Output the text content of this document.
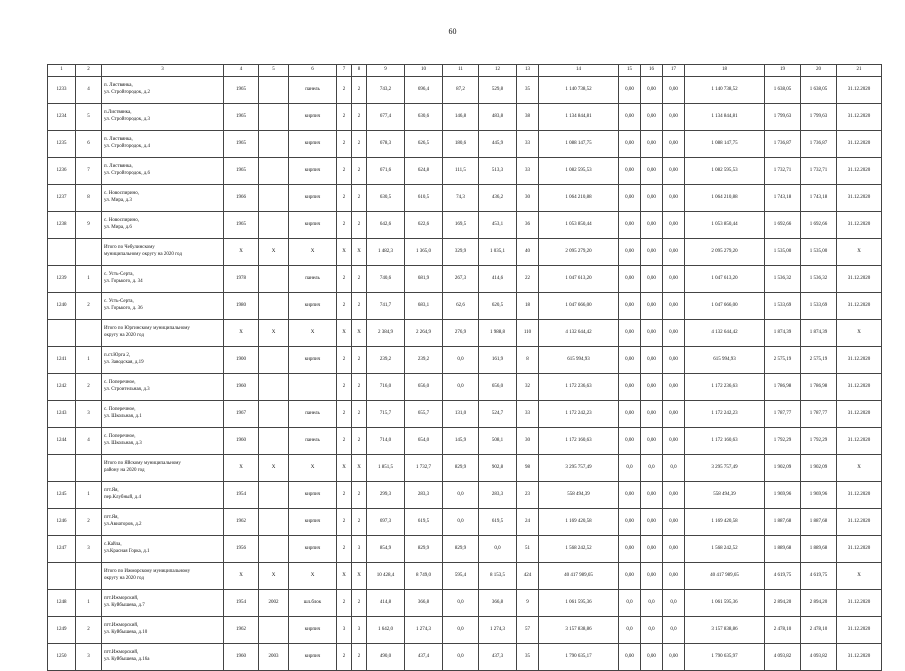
60
1	2	3	4	5	6	7	8	9	10	11	12	13	14	15	16	17	18	19	20	21
1233	4	п. Листвянка,
ул. Стройгородок, д.2	1965		панель	2	2	743,2	696,4	87,2	529,8	35	1 140 738,52	0,00	0,00	0,00	1 140 738,52	1 638,05	1 638,05	31.12.2020
1234	5	п.Листвянка,
ул. Стройгородок, д.3	1965		кирпич	2	2	677,4	630,6	146,8	483,8	38	1 134 844,81	0,00	0,00	0,00	1 134 844,81	1 799,63	1 799,63	31.12.2020
1235	6	п. Листвянка,
ул. Стройгородок, д.4	1965		кирпич	2	2	678,3	626,5	180,6	445,9	33	1 088 147,75	0,00	0,00	0,00	1 088 147,75	1 736,87	1 736,87	31.12.2020
1236	7	п. Листвянка,
ул. Стройгородок, д.6	1965		кирпич	2	2	671,6	624,8	111,5	513,3	33	1 082 595,53	0,00	0,00	0,00	1 082 595,53	1 732,71	1 732,71	31.12.2020
1237	8	с. Новоспирино,
ул. Мира, д.3	1966		кирпич	2	2	630,5	610,5	74,3	436,2	30	1 064 210,88	0,00	0,00	0,00	1 064 210,88	1 743,18	1 743,18	31.12.2020
1238	9	с. Новоспирино,
ул. Мира, д.6	1965		кирпич	2	2	642,6	622,6	169,5	453,1	36	1 053 850,44	0,00	0,00	0,00	1 053 850,44	1 692,66	1 692,66	31.12.2020

		Итого по Чебулинскому
муниципальному округу на 2020 год	X	X	X	X	X	1 482,3	1 365,0	329,9	1 035,1	40	2 095 279,20	0,00	0,00	0,00	2 095 279,20	1 535,00	1 535,00	X
1239	1	с. Усть-Серта,
ул. Горького, д. 34	1978		панель	2	2	740,6	681,9	267,3	414,6	22	1 047 613,20	0,00	0,00	0,00	1 047 613,20	1 536,32	1 536,32	31.12.2020
1240	2	с. Усть-Серта,
ул. Горького, д. 36	1980		кирпич	2	2	741,7	683,1	62,6	620,5	18	1 047 666,00	0,00	0,00	0,00	1 047 666,00	1 533,69	1 533,69	31.12.2020

		Итого по Юргинскому муниципальному
округу на 2020 год	X	X	X	X	X	2 384,9	2 264,9	276,9	1 988,8	110	4 132 644,42	0,00	0,00	0,00	4 132 644,42	1 874,39	1 874,39	X
1241	1	п.ст.Юрга 2,
ул. Заводская, д.19	1900		кирпич	2	2	239,2	239,2	0,0	161,9	8	615 994,93	0,00	0,00	0,00	615 994,93	2 575,19	2 575,19	31.12.2020
1242	2	с. Поперечное,
ул. Строительная, д.3	1960			2	2	716,0	656,0	0,0	656,0	32	1 172 236,63	0,00	0,00	0,00	1 172 236,63	1 786,98	1 786,98	31.12.2020
1243	3	с. Поперечное,
ул. Школьная, д.1	1967		панель	2	2	715,7	655,7	131,0	524,7	33	1 172 242,23	0,00	0,00	0,00	1 172 242,23	1 787,77	1 787,77	31.12.2020
1244	4	с. Поперечное,
ул. Школьная, д.3	1960		панель	2	2	714,0	654,0	145,9	508,1	30	1 172 160,63	0,00	0,00	0,00	1 172 160,63	1 792,29	1 792,29	31.12.2020

		Итого по Яйскому муниципальному
району на 2020 год	X	X	X	X	X	1 851,5	1 732,7	829,9	902,8	98	3 295 757,49	0,0	0,0	0,0	3 295 757,49	1 902,09	1 902,09	X
1245	1	пгт.Яя,
пер.Клубный, д.4	1954		кирпич	2	2	299,3	283,3	0,0	283,3	23	558 494,39	0,00	0,00	0,00	558 494,39	1 969,96	1 969,96	31.12.2020
1246	2	пгт.Яя,
ул.Авиаторов, д.2	1962		кирпич	2	2	697,3	619,5	0,0	619,5	24	1 169 420,58	0,00	0,00	0,00	1 169 420,58	1 887,68	1 887,68	31.12.2020
1247	3	с.Кайла,
ул.Красная Горка, д.1	1956		кирпич	2	3	854,9	829,9	829,9	0,0	51	1 568 242,52	0,00	0,00	0,00	1 568 242,52	1 889,68	1 889,68	31.12.2020

		Итого по Ижморскому муниципальному
округу на 2020 год	X	X	X	X	X	10 428,4	8 749,0	595,4	8 153,5	424	40 417 989,65	0,00	0,00	0,00	40 417 989,65	4 619,75	4 619,75	X
1248	1	пгт.Ижморский,
ул. Куйбышева, д.7	1954	2002	шл.блок	2	2	414,8	366,8	0,0	366,8	9	1 061 595,36	0,0	0,0	0,0	1 061 595,36	2 894,20	2 894,20	31.12.2020
1249	2	пгт.Ижморский,
ул. Куйбышева, д.10	1962		кирпич	3	3	1 642,0	1 274,3	0,0	1 274,3	57	3 157 838,86	0,0	0,0	0,0	3 157 838,86	2 478,10	2 478,10	31.12.2020
1250	3	пгт.Ижморский,
ул. Куйбышева, д.16а	1960	2003	кирпич	2	2	490,0	437,4	0,0	437,3	35	1 790 635,17	0,00	0,00	0,00	1 790 635,97	4 093,82	4 093,82	31.12.2020
